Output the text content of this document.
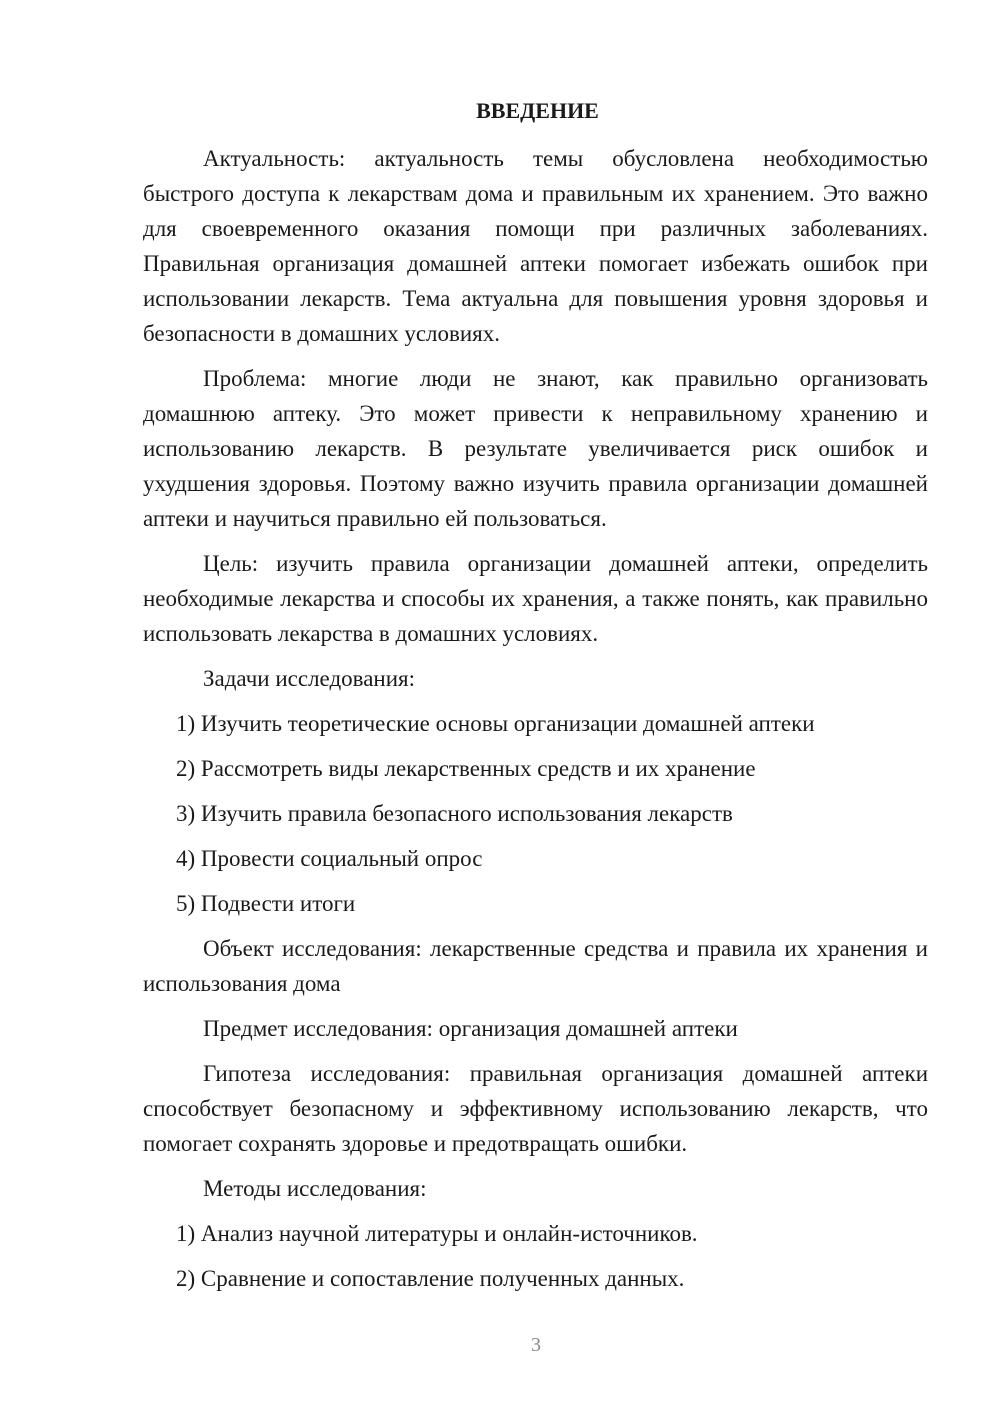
ВВЕДЕНИЕ

Актуальность: актуальность темы обусловлена необходимостью быстрого доступа к лекарствам дома и правильным их хранением. Это важно для своевременного оказания помощи при различных заболеваниях. Правильная организация домашней аптеки помогает избежать ошибок при использовании лекарств. Тема актуальна для повышения уровня здоровья и безопасности в домашних условиях.

Проблема: многие люди не знают, как правильно организовать домашнюю аптеку. Это может привести к неправильному хранению и использованию лекарств. В результате увеличивается риск ошибок и ухудшения здоровья. Поэтому важно изучить правила организации домашней аптеки и научиться правильно ей пользоваться.

Цель: изучить правила организации домашней аптеки, определить необходимые лекарства и способы их хранения, а также понять, как правильно использовать лекарства в домашних условиях.

Задачи исследования:

1) Изучить теоретические основы организации домашней аптеки
2) Рассмотреть виды лекарственных средств и их хранение
3) Изучить правила безопасного использования лекарств
4) Провести социальный опрос
5) Подвести итоги

Объект исследования: лекарственные средства и правила их хранения и использования дома

Предмет исследования: организация домашней аптеки

Гипотеза исследования: правильная организация домашней аптеки способствует безопасному и эффективному использованию лекарств, что помогает сохранять здоровье и предотвращать ошибки.

Методы исследования:

1) Анализ научной литературы и онлайн-источников.
2) Сравнение и сопоставление полученных данных.
3
